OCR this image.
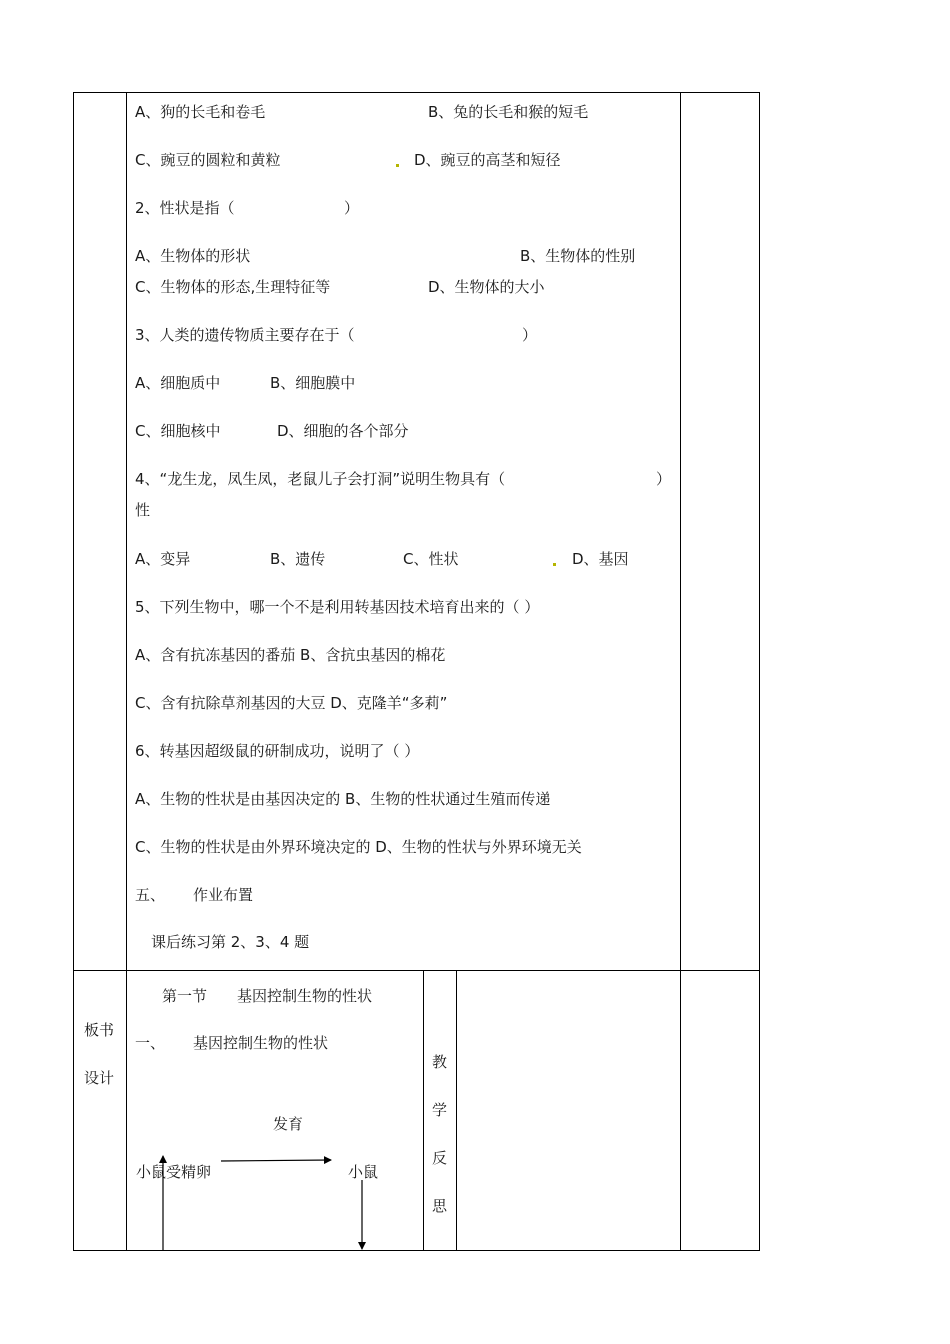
A、狗的长毛和卷毛	B、兔的长毛和猴的短毛
C、豌豆的圆粒和黄粒	D、豌豆的高茎和短径
2、性状是指（	）
A、生物体的形状	B、生物体的性别
C、生物体的形态,生理特征等	D、生物体的大小
3、人类的遗传物质主要存在于（	）
A、细胞质中	B、细胞膜中
C、细胞核中	D、细胞的各个部分
4、“龙生龙，凤生凤，老鼠儿子会打洞”说明生物具有（	）
性
A、变异	B、遗传	C、性状	D、基因
5、下列生物中，哪一个不是利用转基因技术培育出来的（ ）
A、含有抗冻基因的番茄 B、含抗虫基因的棉花
C、含有抗除草剂基因的大豆 D、克隆羊“多莉”
6、转基因超级鼠的研制成功，说明了（ ）
A、生物的性状是由基因决定的 B、生物的性状通过生殖而传递
C、生物的性状是由外界环境决定的 D、生物的性状与外界环境无关
五、 作业布置
课后练习第 2、3、4 题
板书
设计
第一节 基因控制生物的性状
一、 基因控制生物的性状
发育
小鼠受精卵	小鼠
教
学
反
思
